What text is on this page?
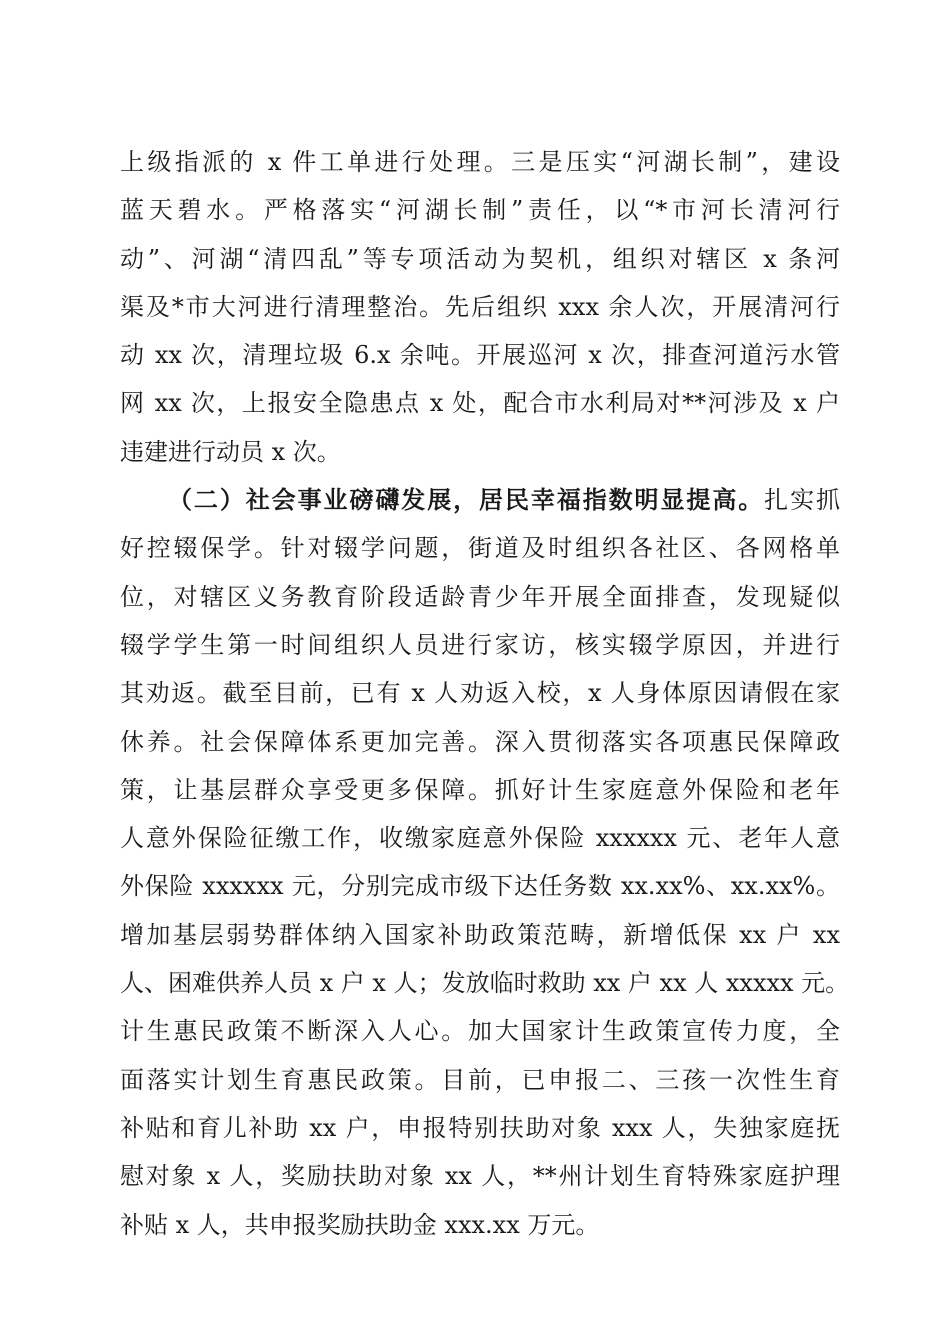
上级指派的 x 件工单进行处理。三是压实“河湖长制”，建设
蓝天碧水。严格落实“河湖长制”责任，以“*市河长清河行
动”、河湖“清四乱”等专项活动为契机，组织对辖区 x 条河
渠及*市大河进行清理整治。先后组织 xxx 余人次，开展清河行
动 xx 次，清理垃圾 6.x 余吨。开展巡河 x 次，排查河道污水管
网 xx 次，上报安全隐患点 x 处，配合市水利局对**河涉及 x 户
违建进行动员 x 次。
（二）社会事业磅礴发展，居民幸福指数明显提高。扎实抓
好控辍保学。针对辍学问题，街道及时组织各社区、各网格单
位，对辖区义务教育阶段适龄青少年开展全面排查，发现疑似
辍学学生第一时间组织人员进行家访，核实辍学原因，并进行
其劝返。截至目前，已有 x 人劝返入校，x 人身体原因请假在家
休养。社会保障体系更加完善。深入贯彻落实各项惠民保障政
策，让基层群众享受更多保障。抓好计生家庭意外保险和老年
人意外保险征缴工作，收缴家庭意外保险 xxxxxx 元、老年人意
外保险 xxxxxx 元，分别完成市级下达任务数 xx.xx%、xx.xx%。
增加基层弱势群体纳入国家补助政策范畴，新增低保 xx 户 xx
人、困难供养人员 x 户 x 人；发放临时救助 xx 户 xx 人 xxxxx 元。
计生惠民政策不断深入人心。加大国家计生政策宣传力度，全
面落实计划生育惠民政策。目前，已申报二、三孩一次性生育
补贴和育儿补助 xx 户，申报特别扶助对象 xxx 人，失独家庭抚
慰对象 x 人，奖励扶助对象 xx 人，**州计划生育特殊家庭护理
补贴 x 人，共申报奖励扶助金 xxx.xx 万元。
